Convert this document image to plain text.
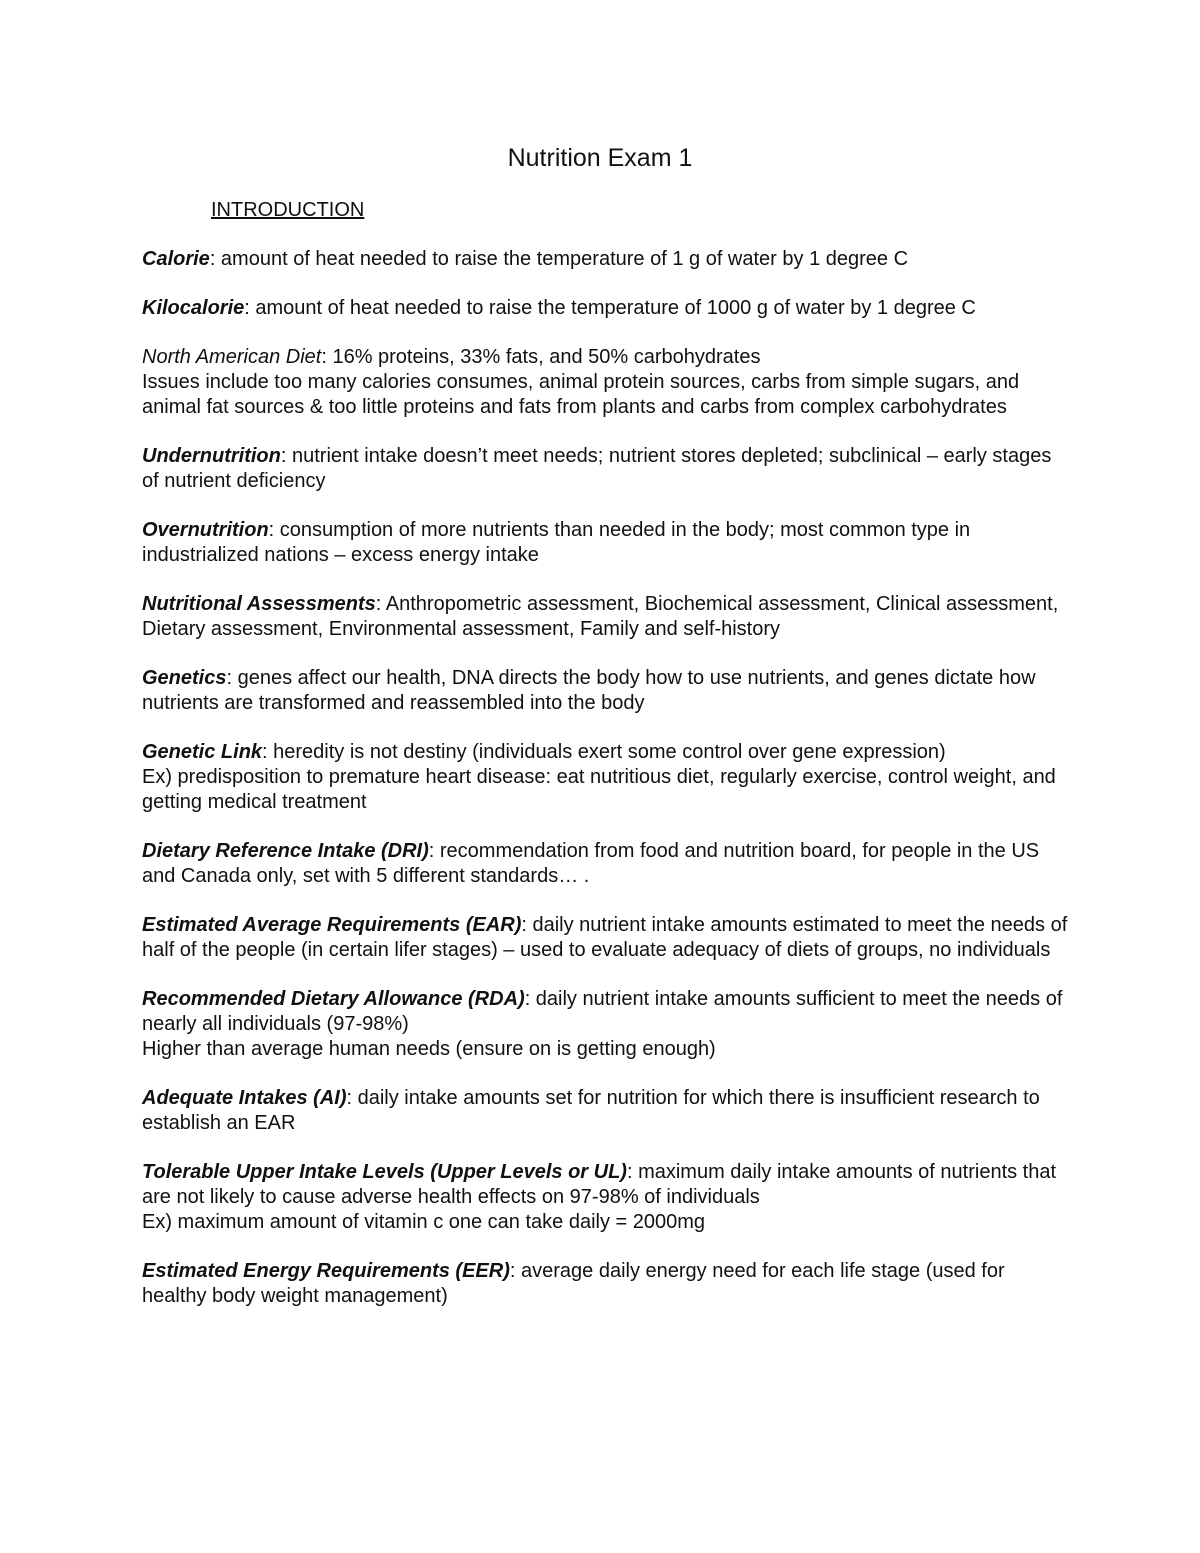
Nutrition Exam 1
INTRODUCTION

Calorie: amount of heat needed to raise the temperature of 1 g of water by 1 degree C

Kilocalorie: amount of heat needed to raise the temperature of 1000 g of water by 1 degree C

North American Diet: 16% proteins, 33% fats, and 50% carbohydrates
Issues include too many calories consumes, animal protein sources, carbs from simple sugars, and animal fat sources & too little proteins and fats from plants and carbs from complex carbohydrates

Undernutrition: nutrient intake doesn’t meet needs; nutrient stores depleted; subclinical – early stages of nutrient deficiency

Overnutrition: consumption of more nutrients than needed in the body; most common type in industrialized nations – excess energy intake

Nutritional Assessments: Anthropometric assessment, Biochemical assessment, Clinical assessment, Dietary assessment, Environmental assessment, Family and self-history

Genetics: genes affect our health, DNA directs the body how to use nutrients, and genes dictate how nutrients are transformed and reassembled into the body

Genetic Link: heredity is not destiny (individuals exert some control over gene expression)
Ex) predisposition to premature heart disease: eat nutritious diet, regularly exercise, control weight, and getting medical treatment

Dietary Reference Intake (DRI): recommendation from food and nutrition board, for people in the US and Canada only, set with 5 different standards… .

Estimated Average Requirements (EAR): daily nutrient intake amounts estimated to meet the needs of half of the people (in certain lifer stages) – used to evaluate adequacy of diets of groups, no individuals

Recommended Dietary Allowance (RDA): daily nutrient intake amounts sufficient to meet the needs of nearly all individuals (97-98%)
Higher than average human needs (ensure on is getting enough)

Adequate Intakes (AI): daily intake amounts set for nutrition for which there is insufficient research to establish an EAR

Tolerable Upper Intake Levels (Upper Levels or UL): maximum daily intake amounts of nutrients that are not likely to cause adverse health effects on 97-98% of individuals
Ex) maximum amount of vitamin c one can take daily = 2000mg

Estimated Energy Requirements (EER): average daily energy need for each life stage (used for healthy body weight management)
